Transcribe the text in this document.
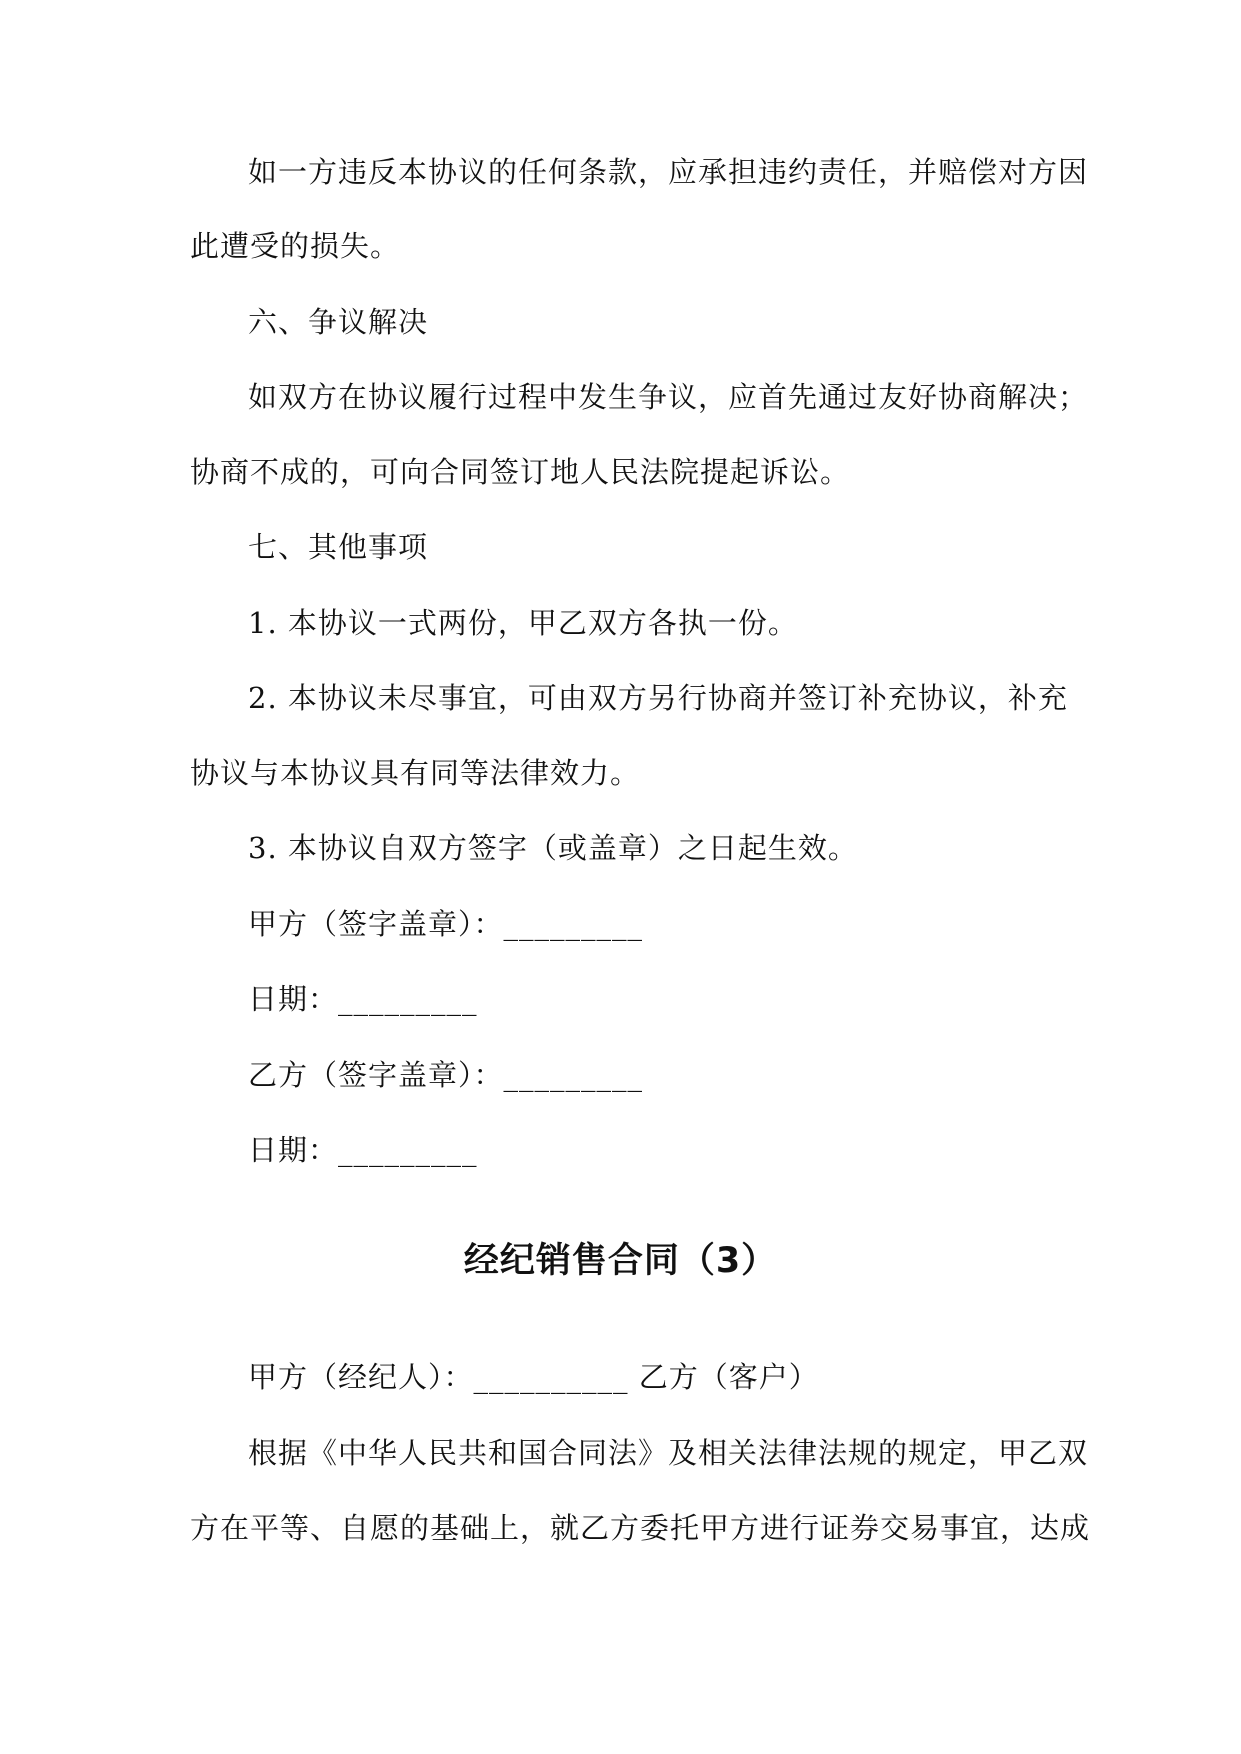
如一方违反本协议的任何条款，应承担违约责任，并赔偿对方因
此遭受的损失。
六、争议解决
如双方在协议履行过程中发生争议，应首先通过友好协商解决；
协商不成的，可向合同签订地人民法院提起诉讼。
七、其他事项
1. 本协议一式两份，甲乙双方各执一份。
2. 本协议未尽事宜，可由双方另行协商并签订补充协议，补充
协议与本协议具有同等法律效力。
3. 本协议自双方签字（或盖章）之日起生效。
甲方（签字盖章）：_________
日期：_________
乙方（签字盖章）：_________
日期：_________
经纪销售合同（3）
甲方（经纪人）：__________ 乙方（客户）
根据《中华人民共和国合同法》及相关法律法规的规定，甲乙双
方在平等、自愿的基础上，就乙方委托甲方进行证券交易事宜，达成
